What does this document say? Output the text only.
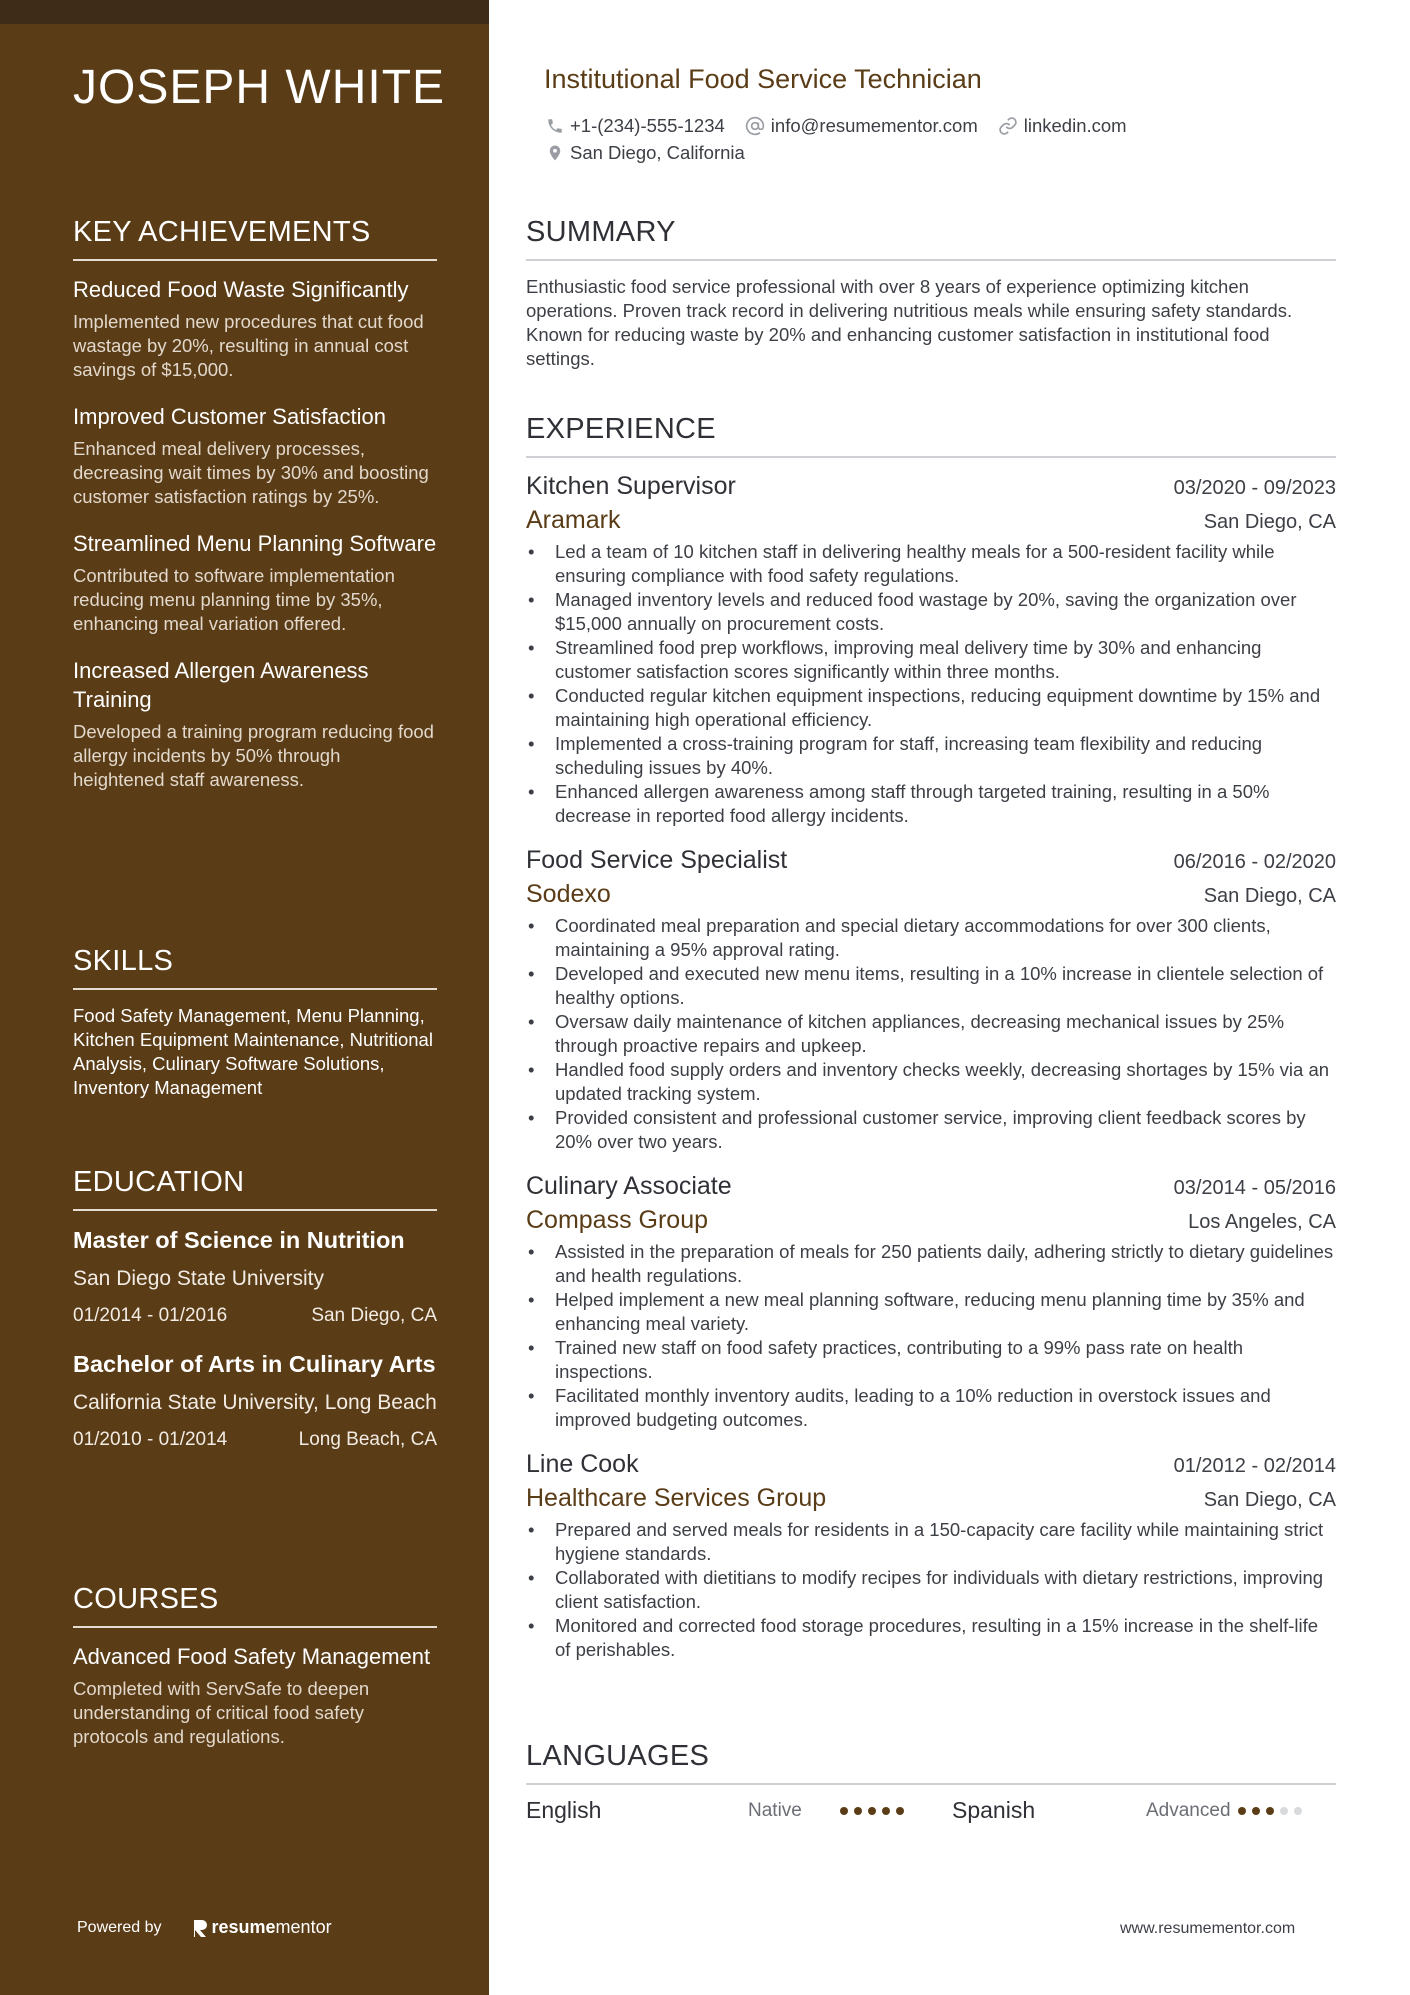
JOSEPH WHITE
KEY ACHIEVEMENTS
Reduced Food Waste Significantly
Implemented new procedures that cut food wastage by 20%, resulting in annual cost savings of $15,000.
Improved Customer Satisfaction
Enhanced meal delivery processes, decreasing wait times by 30% and boosting customer satisfaction ratings by 25%.
Streamlined Menu Planning Software
Contributed to software implementation reducing menu planning time by 35%, enhancing meal variation offered.
Increased Allergen Awareness Training
Developed a training program reducing food allergy incidents by 50% through heightened staff awareness.
SKILLS
Food Safety Management, Menu Planning, Kitchen Equipment Maintenance, Nutritional Analysis, Culinary Software Solutions, Inventory Management
EDUCATION
Master of Science in Nutrition
San Diego State University
01/2014 - 01/2016	San Diego, CA
Bachelor of Arts in Culinary Arts
California State University, Long Beach
01/2010 - 01/2014	Long Beach, CA
COURSES
Advanced Food Safety Management
Completed with ServSafe to deepen understanding of critical food safety protocols and regulations.
Powered by	resume mentor
Institutional Food Service Technician
+1-(234)-555-1234 info@resumementor.com linkedin.com
San Diego, California
SUMMARY
Enthusiastic food service professional with over 8 years of experience optimizing kitchen operations. Proven track record in delivering nutritious meals while ensuring safety standards. Known for reducing waste by 20% and enhancing customer satisfaction in institutional food settings.
EXPERIENCE
Kitchen Supervisor	03/2020 - 09/2023
Aramark	San Diego, CA
• Led a team of 10 kitchen staff in delivering healthy meals for a 500-resident facility while ensuring compliance with food safety regulations.
• Managed inventory levels and reduced food wastage by 20%, saving the organization over $15,000 annually on procurement costs.
• Streamlined food prep workflows, improving meal delivery time by 30% and enhancing customer satisfaction scores significantly within three months.
• Conducted regular kitchen equipment inspections, reducing equipment downtime by 15% and maintaining high operational efficiency.
• Implemented a cross-training program for staff, increasing team flexibility and reducing scheduling issues by 40%.
• Enhanced allergen awareness among staff through targeted training, resulting in a 50% decrease in reported food allergy incidents.
Food Service Specialist	06/2016 - 02/2020
Sodexo	San Diego, CA
• Coordinated meal preparation and special dietary accommodations for over 300 clients, maintaining a 95% approval rating.
• Developed and executed new menu items, resulting in a 10% increase in clientele selection of healthy options.
• Oversaw daily maintenance of kitchen appliances, decreasing mechanical issues by 25% through proactive repairs and upkeep.
• Handled food supply orders and inventory checks weekly, decreasing shortages by 15% via an updated tracking system.
• Provided consistent and professional customer service, improving client feedback scores by 20% over two years.
Culinary Associate	03/2014 - 05/2016
Compass Group	Los Angeles, CA
• Assisted in the preparation of meals for 250 patients daily, adhering strictly to dietary guidelines and health regulations.
• Helped implement a new meal planning software, reducing menu planning time by 35% and enhancing meal variety.
• Trained new staff on food safety practices, contributing to a 99% pass rate on health inspections.
• Facilitated monthly inventory audits, leading to a 10% reduction in overstock issues and improved budgeting outcomes.
Line Cook	01/2012 - 02/2014
Healthcare Services Group	San Diego, CA
• Prepared and served meals for residents in a 150-capacity care facility while maintaining strict hygiene standards.
• Collaborated with dietitians to modify recipes for individuals with dietary restrictions, improving client satisfaction.
• Monitored and corrected food storage procedures, resulting in a 15% increase in the shelf-life of perishables.
LANGUAGES
English	Native	Spanish	Advanced
www.resumementor.com
